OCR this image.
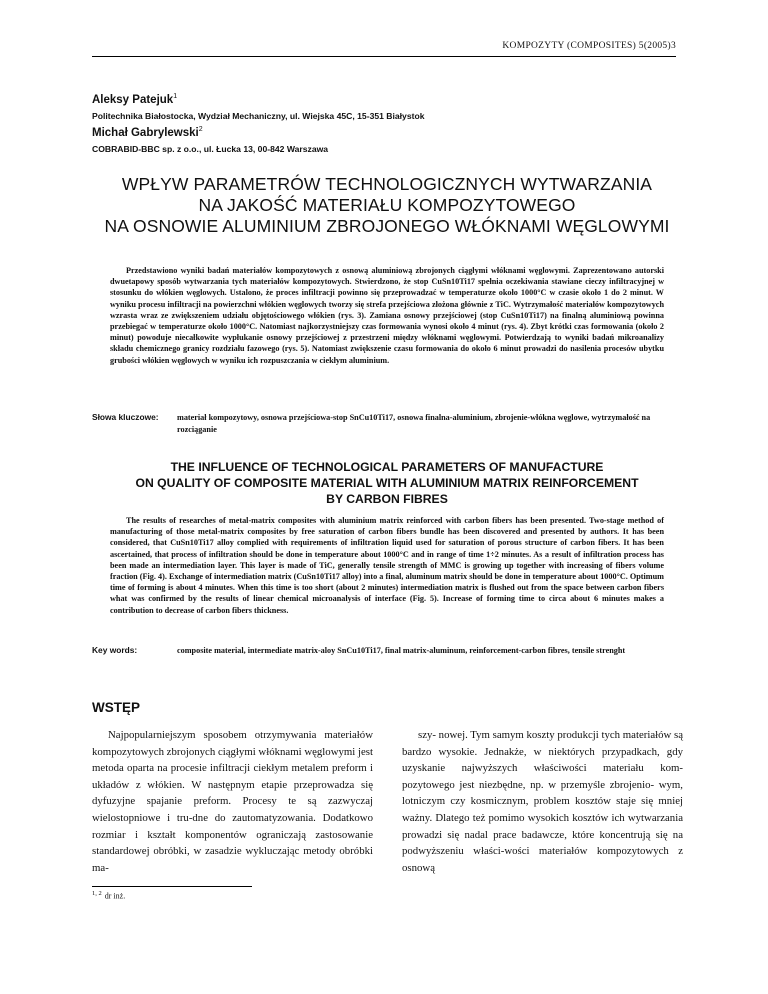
KOMPOZYTY (COMPOSITES) 5(2005)3
Aleksy Patejuk$^1$
Politechnika Białostocka, Wydział Mechaniczny, ul. Wiejska 45C, 15-351 Białystok
Michał Gabrylewski$^2$
COBRABID-BBC sp. z o.o., ul. Łucka 13, 00-842 Warszawa
WPŁYW PARAMETRÓW TECHNOLOGICZNYCH WYTWARZANIA
NA JAKOŚĆ MATERIAŁU KOMPOZYTOWEGO
NA OSNOWIE ALUMINIUM ZBROJONEGO WŁÓKNAMI WĘGLOWYMI
Przedstawiono wyniki badań materiałów kompozytowych z osnową aluminiową zbrojonych ciągłymi włóknami węglowymi. Zaprezentowano autorski dwuetapowy sposób wytwarzania tych materiałów kompozytowych. Stwierdzono, że stop CuSn10Ti17 spełnia oczekiwania stawiane cieczy infiltracyjnej w stosunku do włókien węglowych. Ustalono, że proces infiltracji powinno się przeprowadzać w temperaturze około 1000°C w czasie około 1 do 2 minut. W wyniku procesu infiltracji na powierzchni włókien węglowych tworzy się strefa przejściowa złożona głównie z TiC. Wytrzymałość materiałów kompozytowych wzrasta wraz ze zwiększeniem udziału objętościowego włókien (rys. 3). Zamiana osnowy przejściowej (stop CuSn10Ti17) na finalną aluminiową powinna przebiegać w temperaturze około 1000°C. Natomiast najkorzystniejszy czas formowania wynosi około 4 minut (rys. 4). Zbyt krótki czas formowania (około 2 minut) powoduje niecałkowite wypłukanie osnowy przejściowej z przestrzeni między włóknami węglowymi. Potwierdzają to wyniki badań mikroanalizy składu chemicznego granicy rozdziału fazowego (rys. 5). Natomiast zwiększenie czasu formowania do około 6 minut prowadzi do nasilenia procesów ubytku grubości włókien węglowych w wyniku ich rozpuszczania w ciekłym aluminium.
Słowa kluczowe: materiał kompozytowy, osnowa przejściowa-stop SnCu10Ti17, osnowa finalna-aluminium, zbrojenie-włókna węglowe, wytrzymałość na rozciąganie
THE INFLUENCE OF TECHNOLOGICAL PARAMETERS OF MANUFACTURE
ON QUALITY OF COMPOSITE MATERIAL WITH ALUMINIUM MATRIX REINFORCEMENT
BY CARBON FIBRES
The results of researches of metal-matrix composites with aluminium matrix reinforced with carbon fibers has been presented. Two-stage method of manufacturing of those metal-matrix composites by free saturation of carbon fibers bundle has been discovered and presented by authors. It has been considered, that CuSn10Ti17 alloy complied with requirements of infiltration liquid used for saturation of porous structure of carbon fibers. It has been ascertained, that process of infiltration should be done in temperature about 1000°C and in range of time 1÷2 minutes. As a result of infiltration process has been made an intermediation layer. This layer is made of TiC, generally tensile strength of MMC is growing up together with increasing of fibers volume fraction (Fig. 4). Exchange of intermediation matrix (CuSn10Ti17 alloy) into a final, aluminum matrix should be done in temperature about 1000°C. Optimum time of forming is about 4 minutes. When this time is too short (about 2 minutes) intermediation matrix is flushed out from the space between carbon fibers what was confirmed by the results of linear chemical microanalysis of interface (Fig. 5). Increase of forming time to circa about 6 minutes makes a contribution to decrease of carbon fibers thickness.
Key words:	composite material, intermediate matrix-aloy SnCu10Ti17, final matrix-aluminum, reinforcement-carbon fibres, tensile strenght
WSTĘP
Najpopularniejszym sposobem otrzymywania materiałów kompozytowych zbrojonych ciągłymi włóknami węglowymi jest metoda oparta na procesie infiltracji ciekłym metalem preform i układów z włókien. W następnym etapie przeprowadza się dyfuzyjne spajanie preform. Procesy te są zazwyczaj wielostopniowe i tru-dne do zautomatyzowania. Dodatkowo rozmiar i kształt komponentów ograniczają zastosowanie standardowej obróbki, w zasadzie wykluczając metody obróbki ma-
szy- nowej. Tym samym koszty produkcji tych materiałów są bardzo wysokie. Jednakże, w niektórych przypadkach, gdy uzyskanie najwyższych właściwości materiału kom- pozytowego jest niezbędne, np. w przemyśle zbrojenio- wym, lotniczym czy kosmicznym, problem kosztów staje się mniej ważny. Dlatego też pomimo wysokich kosztów ich wytwarzania prowadzi się nadal prace badawcze, które koncentrują się na podwyższeniu właści-wości materiałów kompozytowych z osnową
$^{1, 2}$ dr inż.
